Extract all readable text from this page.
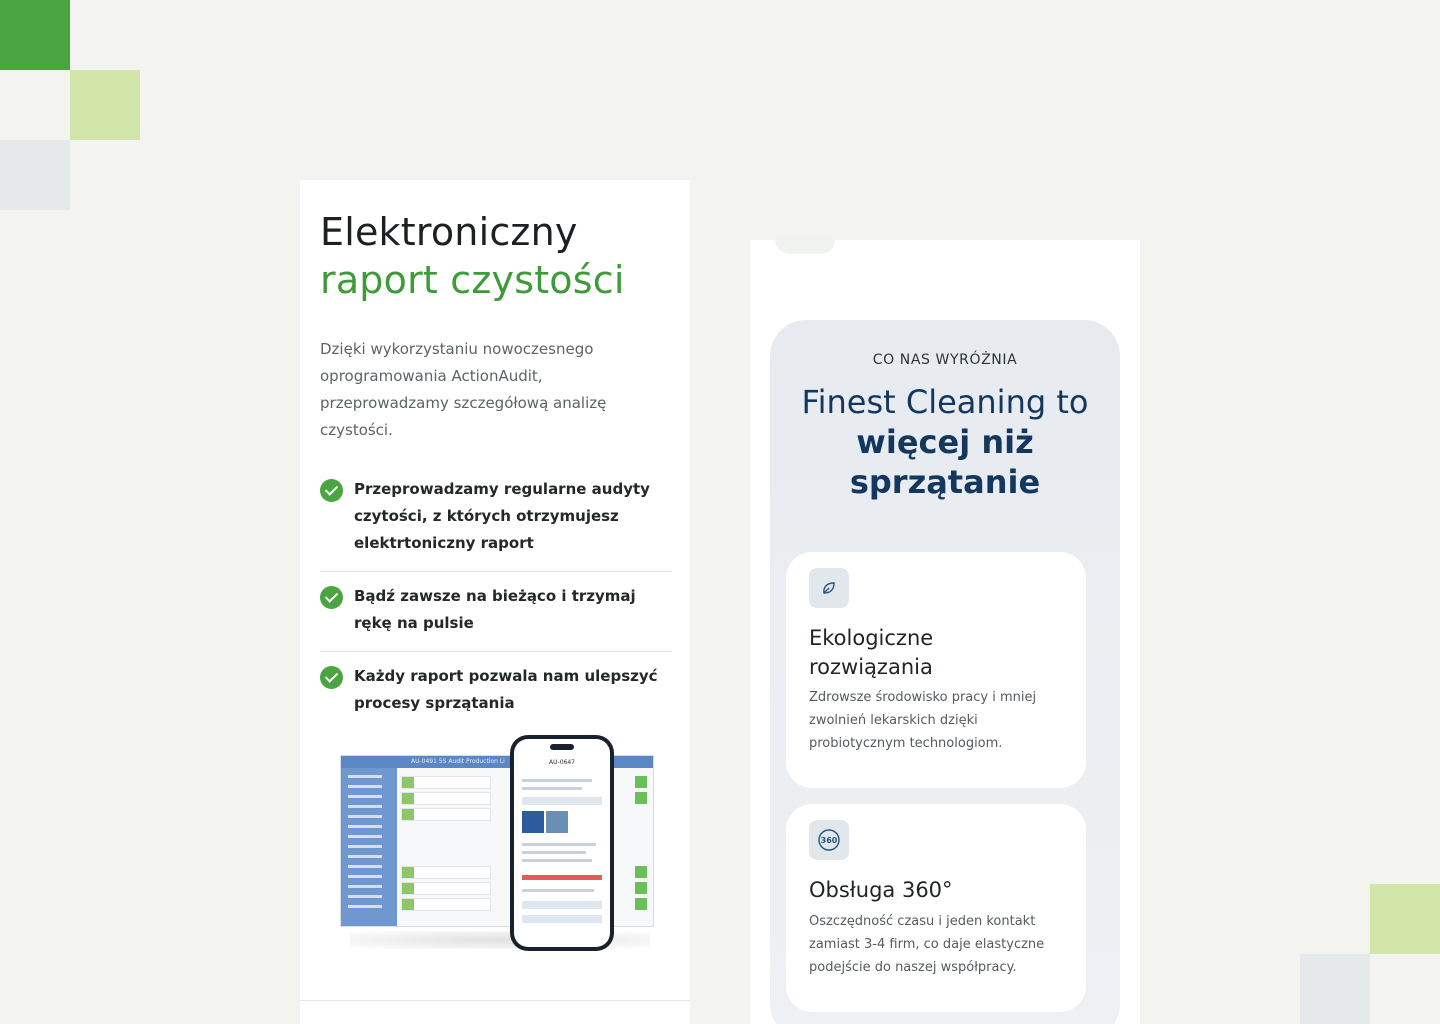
Elektroniczny
raport czystości

Dzięki wykorzystaniu nowoczesnego oprogramowania ActionAudit, przeprowadzamy szczegółową analizę czystości.

Przeprowadzamy regularne audyty czytości, z których otrzymujesz elektrtoniczny raport
Bądź zawsze na bieżąco i trzymaj rękę na pulsie
Każdy raport pozwala nam ulepszyć procesy sprzątania
AU-0491 5S Audit Production Li	AU-0647
CO NAS WYRÓŻNIA
Finest Cleaning to
więcej niż
sprzątanie
Ekologiczne rozwiązania
Zdrowsze środowisko pracy i mniej zwolnień lekarskich dzięki probiotycznym technologiom.
360
Obsługa 360°
Oszczędność czasu i jeden kontakt zamiast 3-4 firm, co daje elastyczne podejście do naszej współpracy.
